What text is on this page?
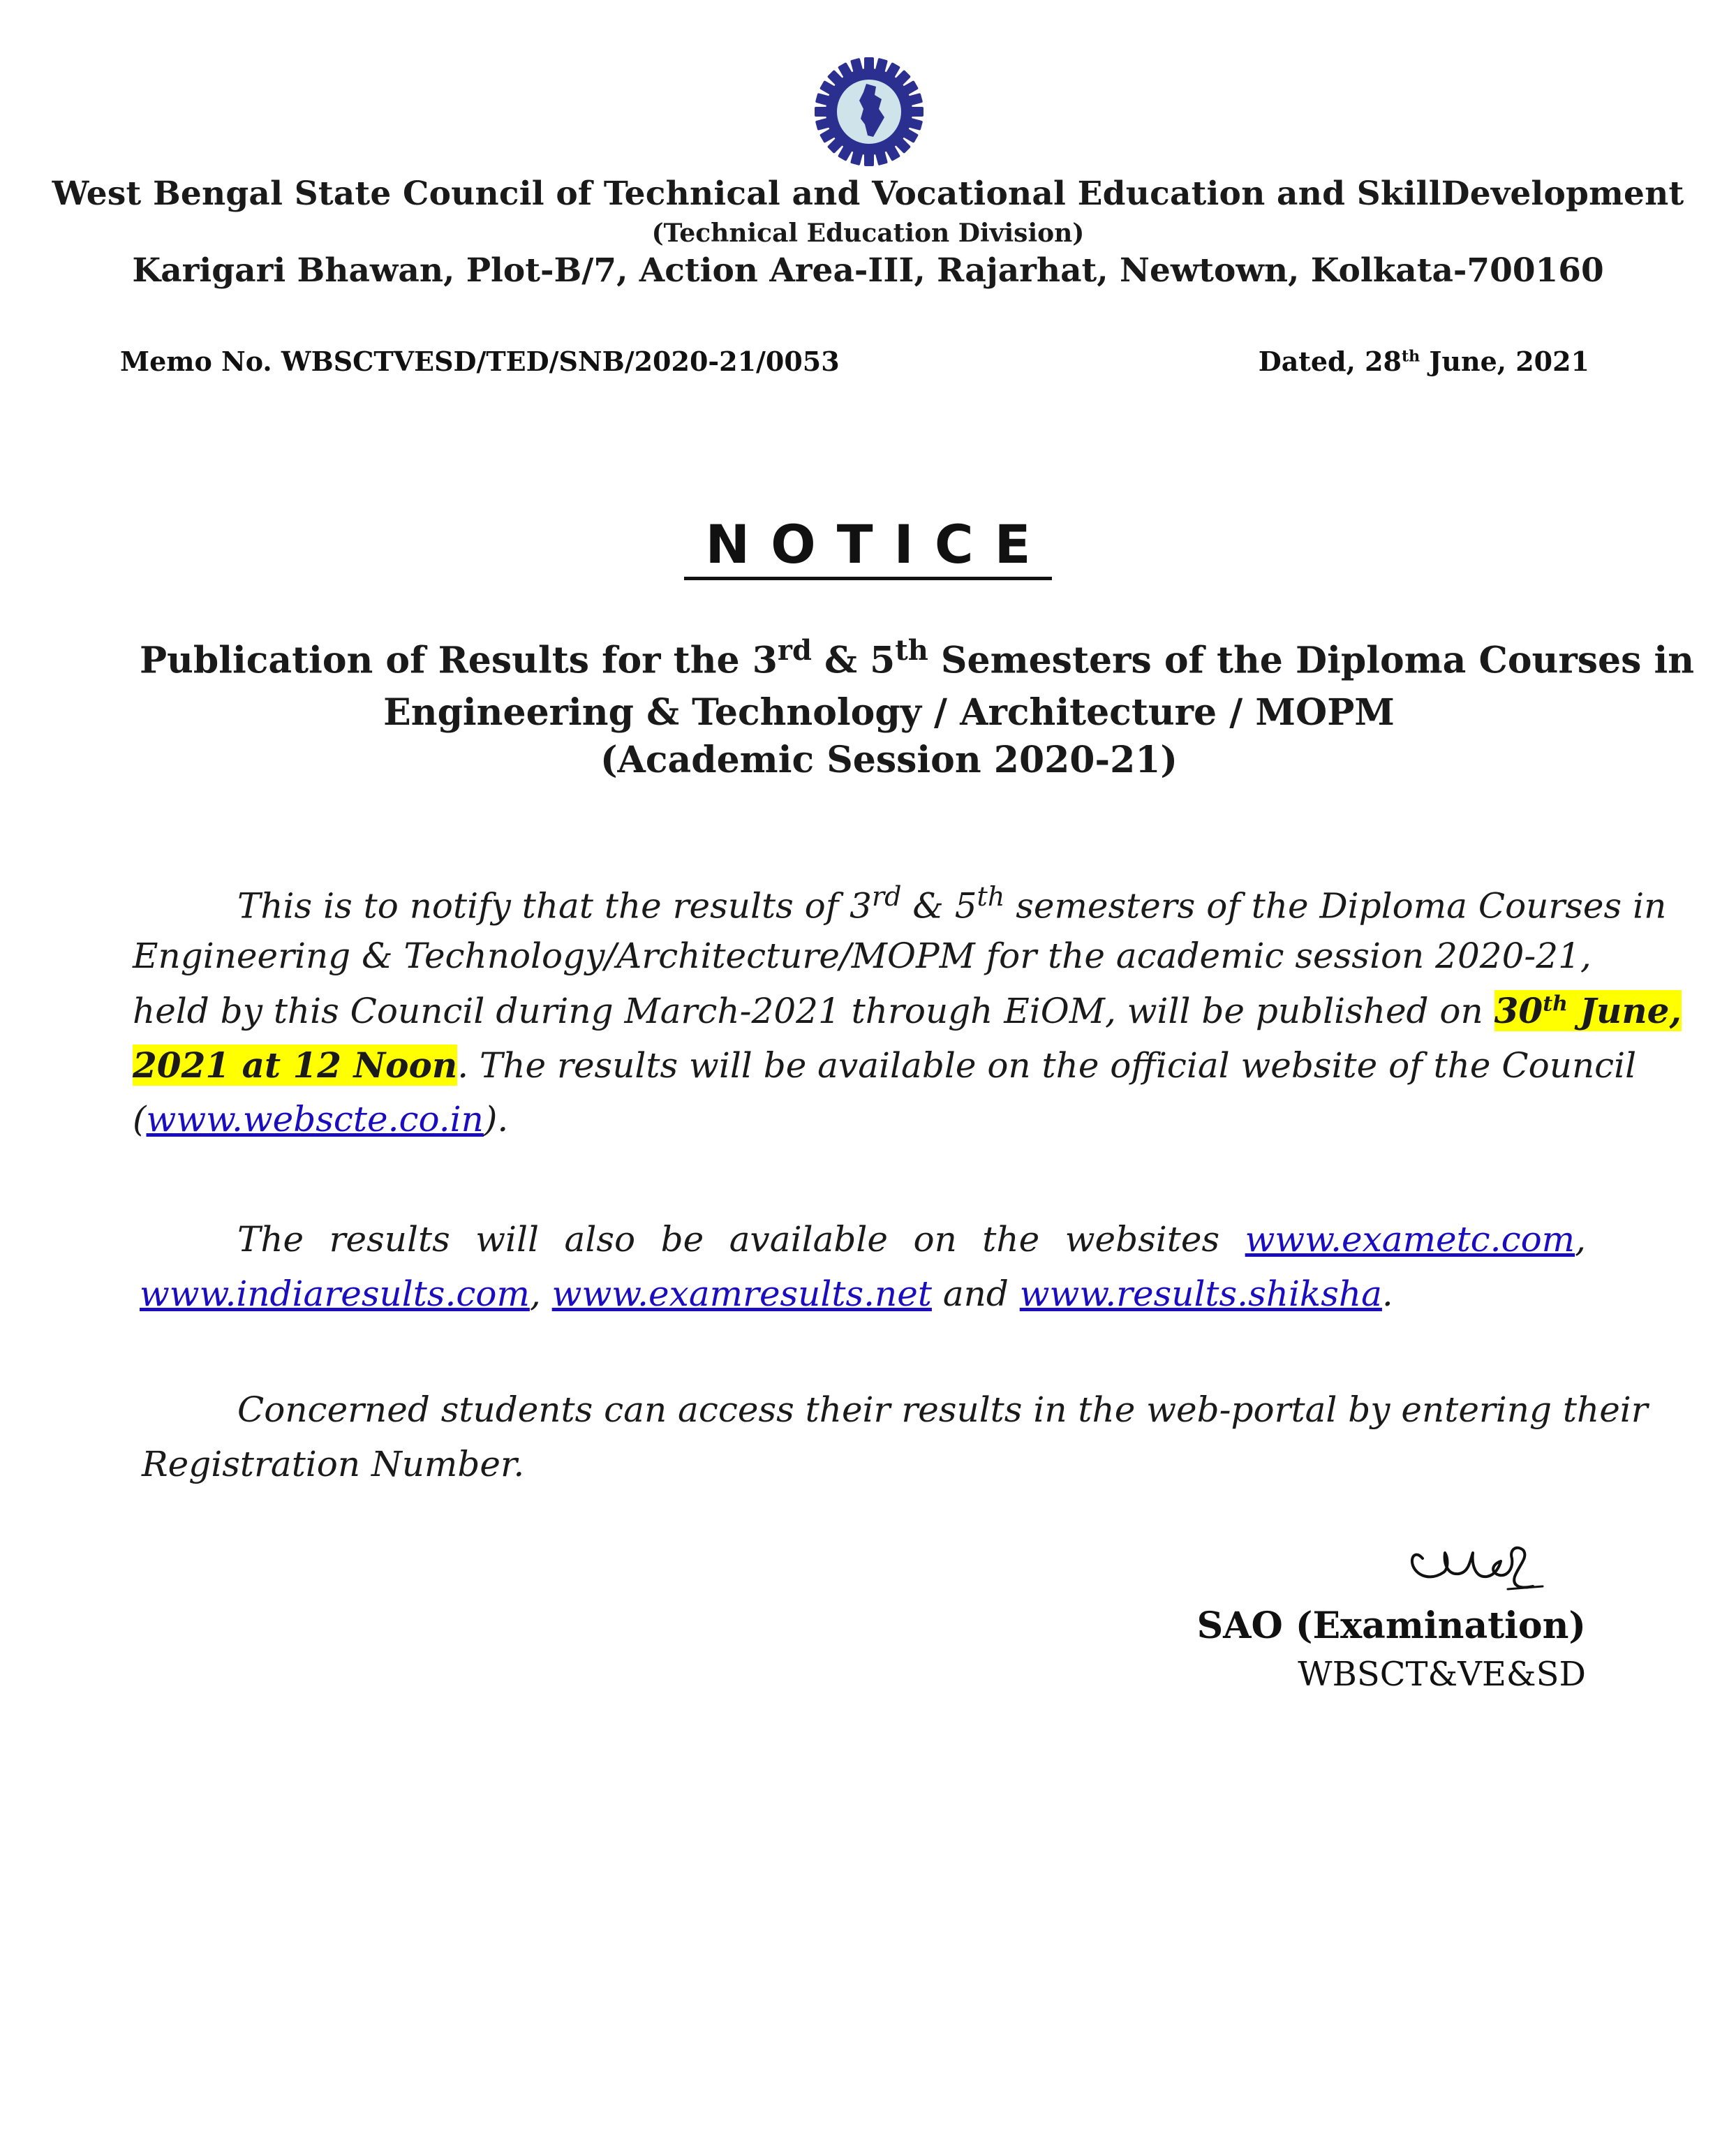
West Bengal State Council of Technical and Vocational Education and SkillDevelopment
(Technical Education Division)
Karigari Bhawan, Plot-B/7, Action Area-III, Rajarhat, Newtown, Kolkata-700160
Memo No. WBSCTVESD/TED/SNB/2020-21/0053	Dated, 28th June, 2021
NOTICE
Publication of Results for the 3rd & 5th Semesters of the Diploma Courses in
Engineering & Technology / Architecture / MOPM
(Academic Session 2020-21)
This is to notify that the results of 3rd & 5th semesters of the Diploma Courses in
Engineering & Technology/Architecture/MOPM for the academic session 2020-21,
held by this Council during March-2021 through EiOM, will be published on 30th June,
2021 at 12 Noon. The results will be available on the official website of the Council
(www.webscte.co.in).
The results will also be available on the websites www.exametc.com,
www.indiaresults.com, www.examresults.net and www.results.shiksha.
Concerned students can access their results in the web-portal by entering their
Registration Number.
SAO (Examination)
WBSCT&VE&SD
